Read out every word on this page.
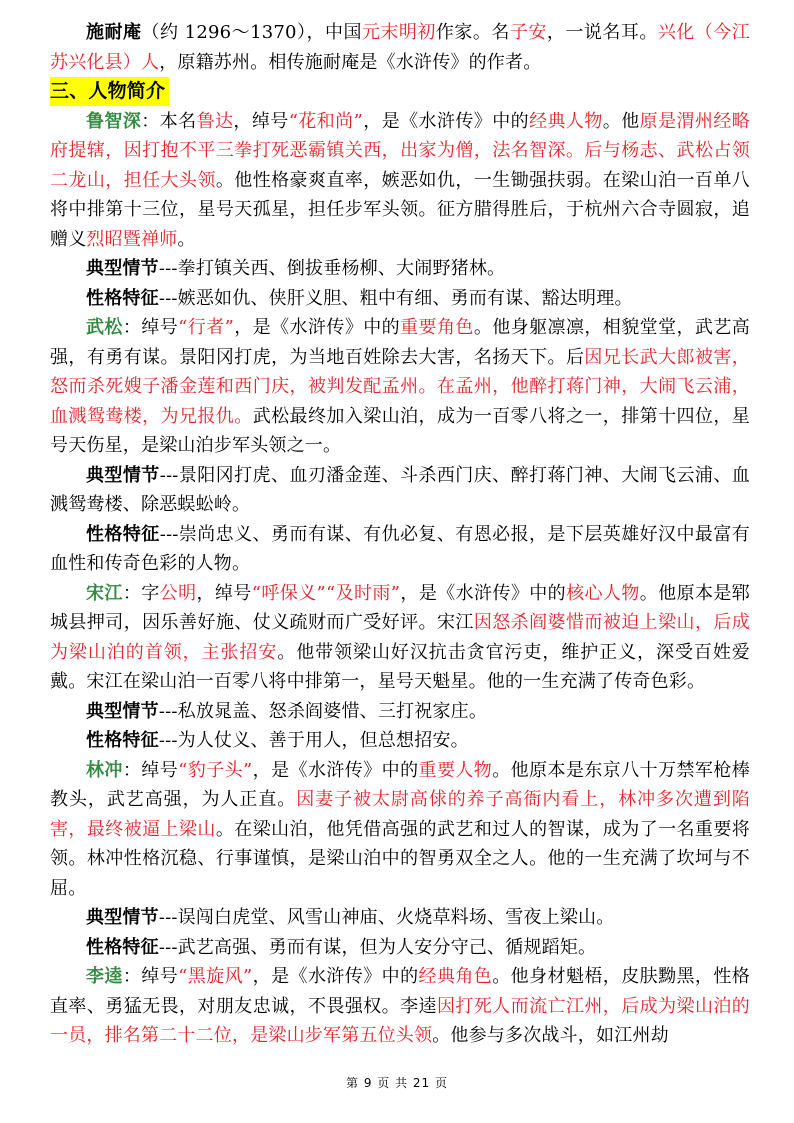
施耐庵（约 1296～1370），中国元末明初作家。名子安，一说名耳。兴化（今江苏兴化县）人，原籍苏州。相传施耐庵是《水浒传》的作者。

三、人物简介

鲁智深：本名鲁达，绰号“花和尚”，是《水浒传》中的经典人物。他原是渭州经略府提辖，因打抱不平三拳打死恶霸镇关西，出家为僧，法名智深。后与杨志、武松占领二龙山，担任大头领。他性格豪爽直率，嫉恶如仇，一生锄强扶弱。在梁山泊一百单八将中排第十三位，星号天孤星，担任步军头领。征方腊得胜后，于杭州六合寺圆寂，追赠义烈昭暨禅师。

典型情节---拳打镇关西、倒拔垂杨柳、大闹野猪林。

性格特征---嫉恶如仇、侠肝义胆、粗中有细、勇而有谋、豁达明理。

武松：绰号“行者”，是《水浒传》中的重要角色。他身躯凛凛，相貌堂堂，武艺高强，有勇有谋。景阳冈打虎，为当地百姓除去大害，名扬天下。后因兄长武大郎被害，怒而杀死嫂子潘金莲和西门庆，被判发配孟州。在孟州，他醉打蒋门神，大闹飞云浦，血溅鸳鸯楼，为兄报仇。武松最终加入梁山泊，成为一百零八将之一，排第十四位，星号天伤星，是梁山泊步军头领之一。

典型情节---景阳冈打虎、血刃潘金莲、斗杀西门庆、醉打蒋门神、大闹飞云浦、血溅鸳鸯楼、除恶蜈蚣岭。

性格特征---崇尚忠义、勇而有谋、有仇必复、有恩必报，是下层英雄好汉中最富有血性和传奇色彩的人物。

宋江：字公明，绰号“呼保义”“及时雨”，是《水浒传》中的核心人物。他原本是郓城县押司，因乐善好施、仗义疏财而广受好评。宋江因怒杀阎婆惜而被迫上梁山，后成为梁山泊的首领，主张招安。他带领梁山好汉抗击贪官污吏，维护正义，深受百姓爱戴。宋江在梁山泊一百零八将中排第一，星号天魁星。他的一生充满了传奇色彩。

典型情节---私放晁盖、怒杀阎婆惜、三打祝家庄。

性格特征---为人仗义、善于用人，但总想招安。

林冲：绰号“豹子头”，是《水浒传》中的重要人物。他原本是东京八十万禁军枪棒教头，武艺高强，为人正直。因妻子被太尉高俅的养子高衙内看上，林冲多次遭到陷害，最终被逼上梁山。在梁山泊，他凭借高强的武艺和过人的智谋，成为了一名重要将领。林冲性格沉稳、行事谨慎，是梁山泊中的智勇双全之人。他的一生充满了坎坷与不屈。

典型情节---误闯白虎堂、风雪山神庙、火烧草料场、雪夜上梁山。

性格特征---武艺高强、勇而有谋，但为人安分守己、循规蹈矩。

李逵：绰号“黑旋风”，是《水浒传》中的经典角色。他身材魁梧，皮肤黝黑，性格直率、勇猛无畏，对朋友忠诚，不畏强权。李逵因打死人而流亡江州，后成为梁山泊的一员，排名第二十二位，是梁山步军第五位头领。他参与多次战斗，如江州劫

第 9 页 共 21 页
